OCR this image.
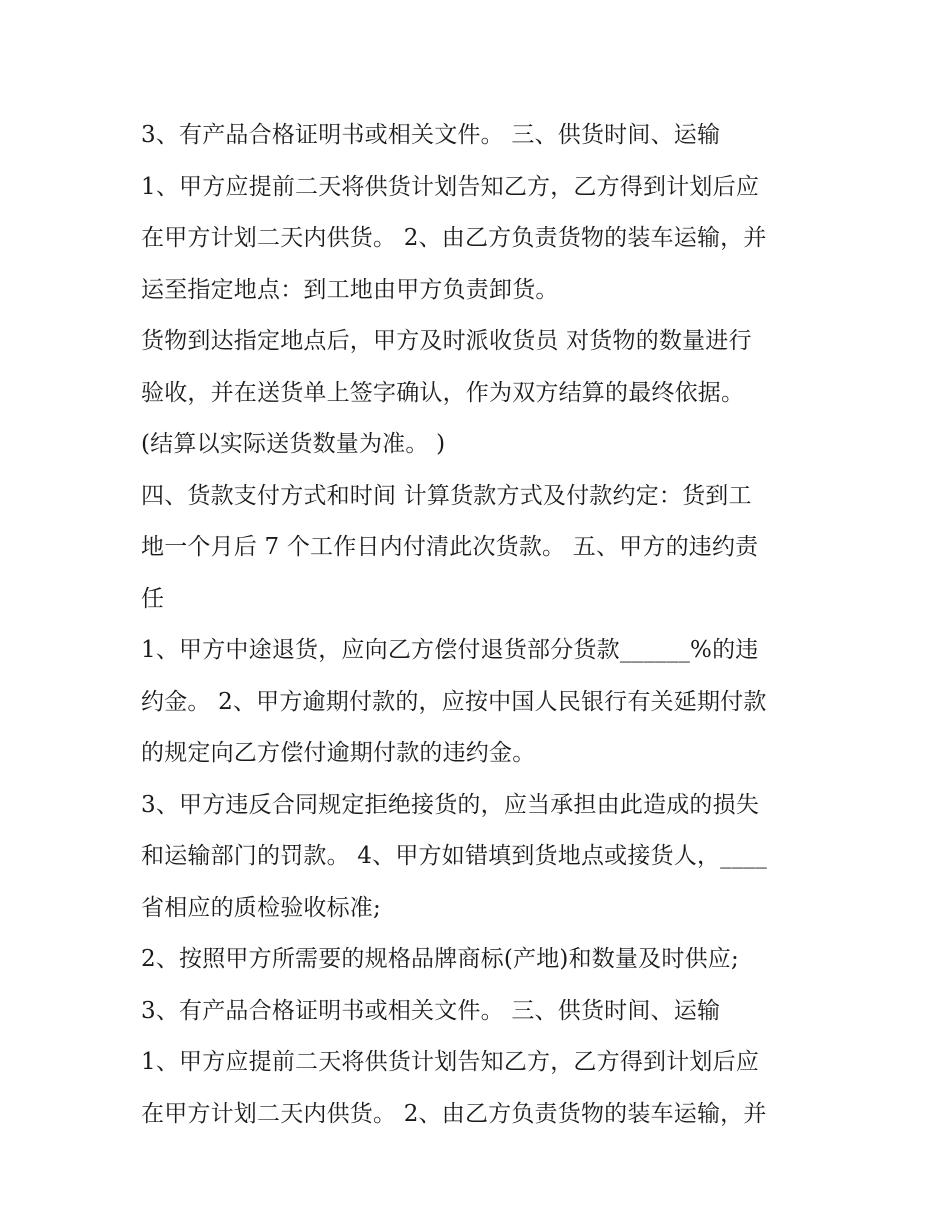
3、有产品合格证明书或相关文件。 三、供货时间、运输
1、甲方应提前二天将供货计划告知乙方，乙方得到计划后应
在甲方计划二天内供货。 2、由乙方负责货物的装车运输，并
运至指定地点：到工地由甲方负责卸货。
货物到达指定地点后，甲方及时派收货员 对货物的数量进行
验收，并在送货单上签字确认，作为双方结算的最终依据。
(结算以实际送货数量为准。 )
四、货款支付方式和时间 计算货款方式及付款约定：货到工
地一个月后 7 个工作日内付清此次货款。 五、甲方的违约责
任
1、甲方中途退货，应向乙方偿付退货部分货款______%的违
约金。 2、甲方逾期付款的，应按中国人民银行有关延期付款
的规定向乙方偿付逾期付款的违约金。
3、甲方违反合同规定拒绝接货的，应当承担由此造成的损失
和运输部门的罚款。 4、甲方如错填到货地点或接货人，____
省相应的质检验收标准;
2、按照甲方所需要的规格品牌商标(产地)和数量及时供应;
3、有产品合格证明书或相关文件。 三、供货时间、运输
1、甲方应提前二天将供货计划告知乙方，乙方得到计划后应
在甲方计划二天内供货。 2、由乙方负责货物的装车运输，并
